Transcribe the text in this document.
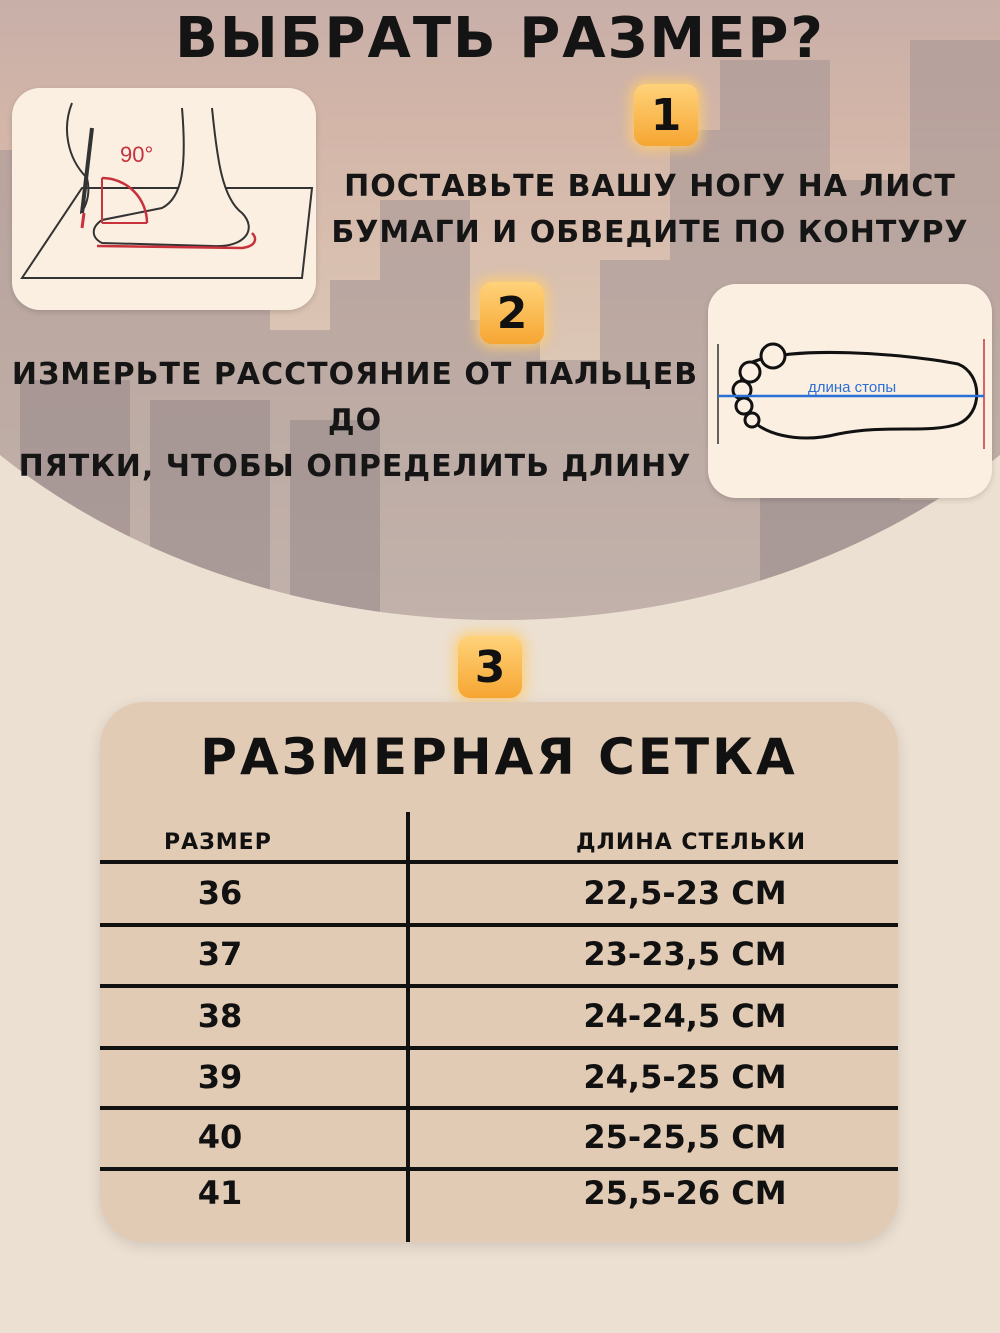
ВЫБРАТЬ РАЗМЕР?
90°
1
ПОСТАВЬТЕ ВАШУ НОГУ НА ЛИСТ
БУМАГИ И ОБВЕДИТЕ ПО КОНТУРУ
2
ИЗМЕРЬТЕ РАССТОЯНИЕ ОТ ПАЛЬЦЕВ ДО
ПЯТКИ, ЧТОБЫ ОПРЕДЕЛИТЬ ДЛИНУ
длина стопы
3
РАЗМЕРНАЯ СЕТКА
РАЗМЕР	ДЛИНА СТЕЛЬКИ
36	22,5-23 СМ
37	23-23,5 СМ
38	24-24,5 СМ
39	24,5-25 СМ
40	25-25,5 СМ
41	25,5-26 СМ
